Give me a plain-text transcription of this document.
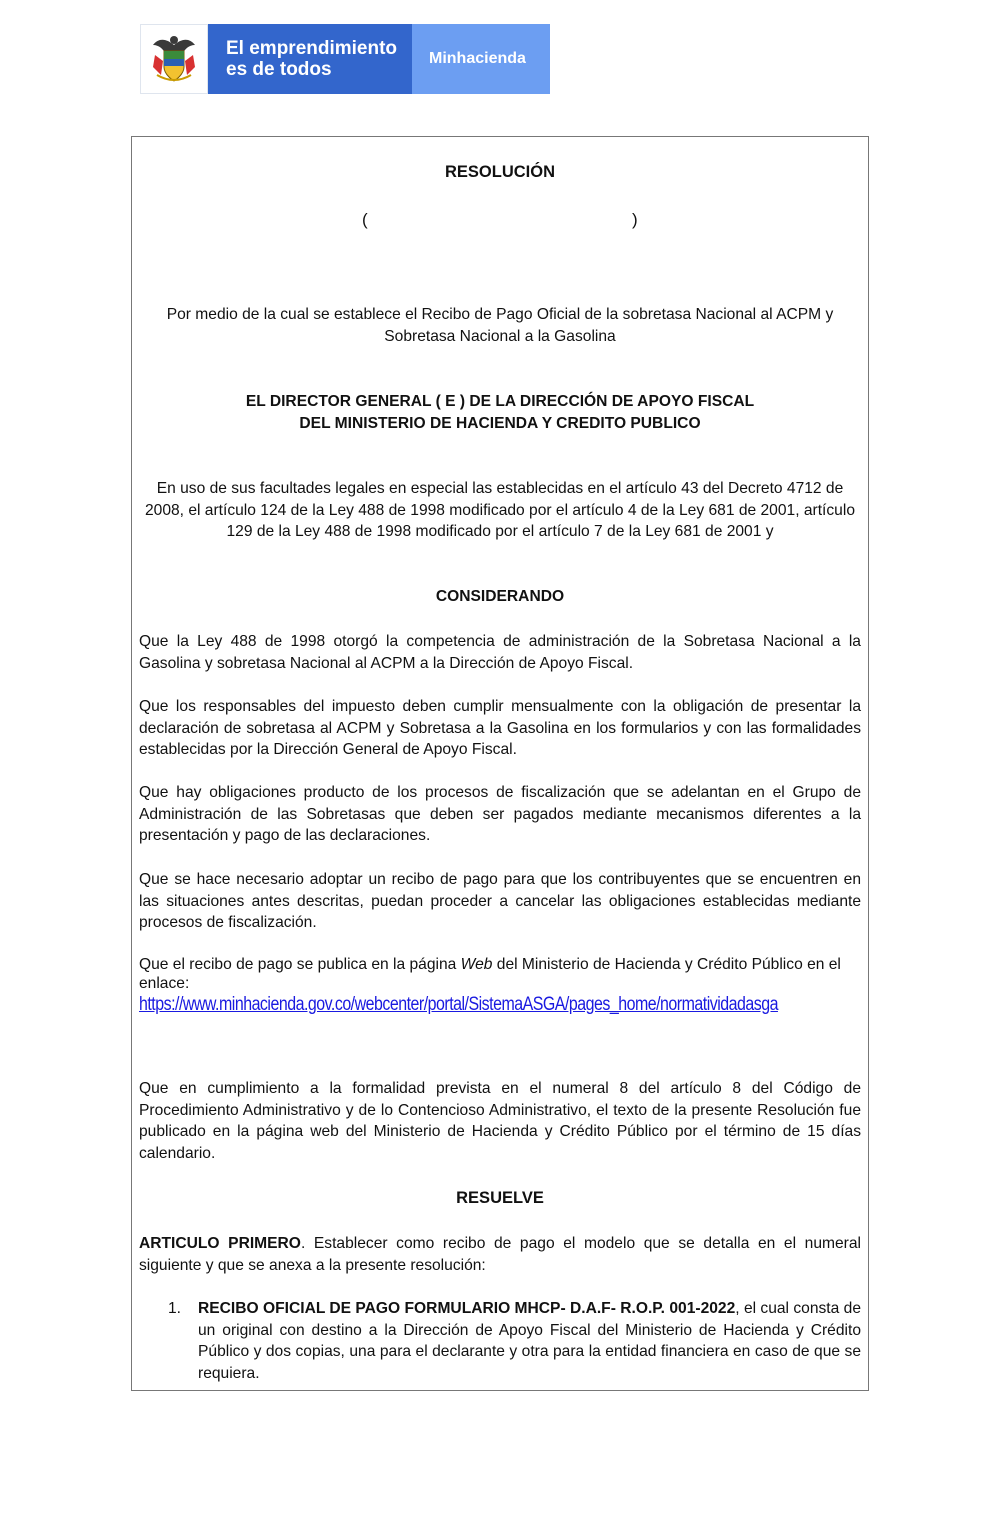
El emprendimiento
es de todos
Minhacienda
RESOLUCIÓN
(	)
Por medio de la cual se establece el Recibo de Pago Oficial de la sobretasa Nacional al ACPM y Sobretasa Nacional a la Gasolina
EL DIRECTOR GENERAL ( E ) DE LA DIRECCIÓN DE APOYO FISCAL
DEL MINISTERIO DE HACIENDA Y CREDITO PUBLICO
En uso de sus facultades legales en especial las establecidas en el artículo 43 del Decreto 4712 de 2008, el artículo 124 de la Ley 488 de 1998 modificado por el artículo 4 de la Ley 681 de 2001, artículo 129 de la Ley 488 de 1998 modificado por el artículo 7 de la Ley 681 de 2001 y
CONSIDERANDO
Que la Ley 488 de 1998 otorgó la competencia de administración de la Sobretasa Nacional a la Gasolina y sobretasa Nacional al ACPM a la Dirección de Apoyo Fiscal.
Que los responsables del impuesto deben cumplir mensualmente con la obligación de presentar la declaración de sobretasa al ACPM y Sobretasa a la Gasolina en los formularios y con las formalidades establecidas por la Dirección General de Apoyo Fiscal.
Que hay obligaciones producto de los procesos de fiscalización que se adelantan en el Grupo de Administración de las Sobretasas que deben ser pagados mediante mecanismos diferentes a la presentación y pago de las declaraciones.
Que se hace necesario adoptar un recibo de pago para que los contribuyentes que se encuentren en las situaciones antes descritas, puedan proceder a cancelar las obligaciones establecidas mediante procesos de fiscalización.
Que el recibo de pago se publica en la página Web del Ministerio de Hacienda y Crédito Público en el enlace:
https://www.minhacienda.gov.co/webcenter/portal/SistemaASGA/pages_home/normatividadasga
Que en cumplimiento a la formalidad prevista en el numeral 8 del artículo 8 del Código de Procedimiento Administrativo y de lo Contencioso Administrativo, el texto de la presente Resolución fue publicado en la página web del Ministerio de Hacienda y Crédito Público por el término de 15 días calendario.
RESUELVE
ARTICULO PRIMERO. Establecer como recibo de pago el modelo que se detalla en el numeral siguiente y que se anexa a la presente resolución:
1. RECIBO OFICIAL DE PAGO FORMULARIO MHCP- D.A.F- R.O.P. 001-2022, el cual consta de un original con destino a la Dirección de Apoyo Fiscal del Ministerio de Hacienda y Crédito Público y dos copias, una para el declarante y otra para la entidad financiera en caso de que se requiera.
